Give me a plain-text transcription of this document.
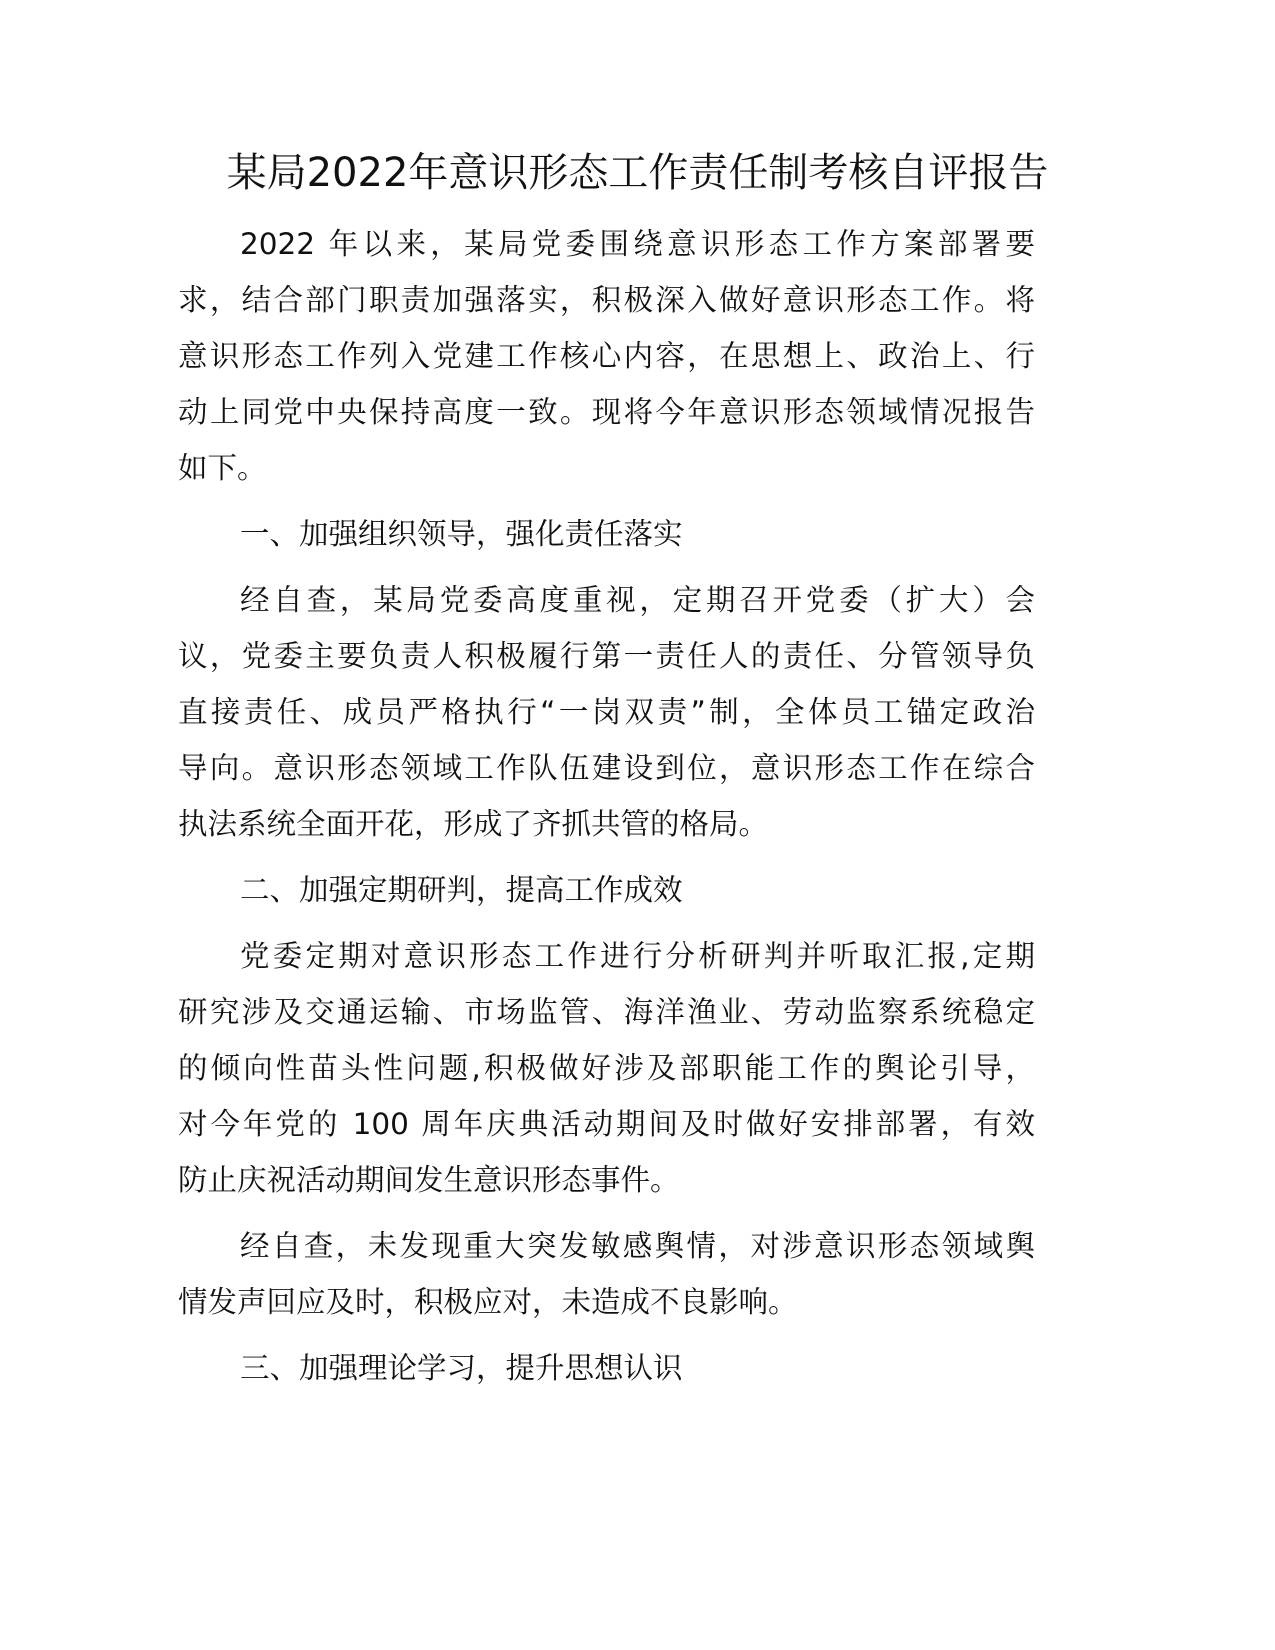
某局2022年意识形态工作责任制考核自评报告
2022 年以来，某局党委围绕意识形态工作方案部署要
求，结合部门职责加强落实，积极深入做好意识形态工作。将
意识形态工作列入党建工作核心内容，在思想上、政治上、行
动上同党中央保持高度一致。现将今年意识形态领域情况报告
如下。
一、加强组织领导，强化责任落实
经自查，某局党委高度重视，定期召开党委（扩大）会
议，党委主要负责人积极履行第一责任人的责任、分管领导负
直接责任、成员严格执行“一岗双责”制，全体员工锚定政治
导向。意识形态领域工作队伍建设到位，意识形态工作在综合
执法系统全面开花，形成了齐抓共管的格局。
二、加强定期研判，提高工作成效
党委定期对意识形态工作进行分析研判并听取汇报,定期
研究涉及交通运输、市场监管、海洋渔业、劳动监察系统稳定
的倾向性苗头性问题,积极做好涉及部职能工作的舆论引导，
对今年党的 100 周年庆典活动期间及时做好安排部署，有效
防止庆祝活动期间发生意识形态事件。
经自查，未发现重大突发敏感舆情，对涉意识形态领域舆
情发声回应及时，积极应对，未造成不良影响。
三、加强理论学习，提升思想认识
